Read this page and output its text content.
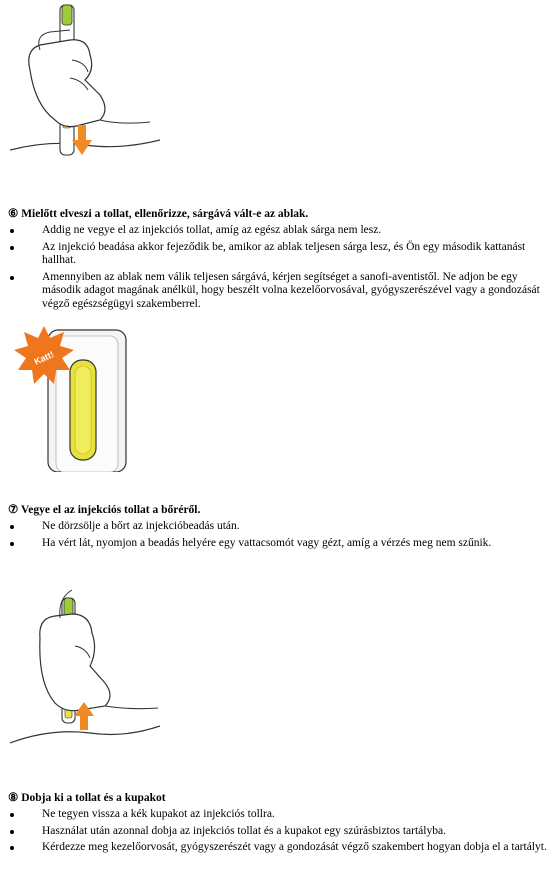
⑥ Mielőtt elveszi a tollat, ellenőrizze, sárgává vált-e az ablak.
Addig ne vegye el az injekciós tollat, amíg az egész ablak sárga nem lesz.
Az injekció beadása akkor fejeződik be, amikor az ablak teljesen sárga lesz, és Ön egy második kattanást hallhat.
Amennyiben az ablak nem válik teljesen sárgává, kérjen segítséget a sanofi-aventistől. Ne adjon be egy második adagot magának anélkül, hogy beszélt volna kezelőorvosával, gyógyszerészével vagy a gondozását végző egészségügyi szakemberrel.
Katt!
⑦ Vegye el az injekciós tollat a bőréről.
Ne dörzsölje a bőrt az injekcióbeadás után.
Ha vért lát, nyomjon a beadás helyére egy vattacsomót vagy gézt, amíg a vérzés meg nem szűnik.
⑧ Dobja ki a tollat és a kupakot
Ne tegyen vissza a kék kupakot az injekciós tollra.
Használat után azonnal dobja az injekciós tollat és a kupakot egy szúrásbiztos tartályba.
Kérdezze meg kezelőorvosát, gyógyszerészét vagy a gondozását végző szakembert hogyan dobja el a tartályt.
